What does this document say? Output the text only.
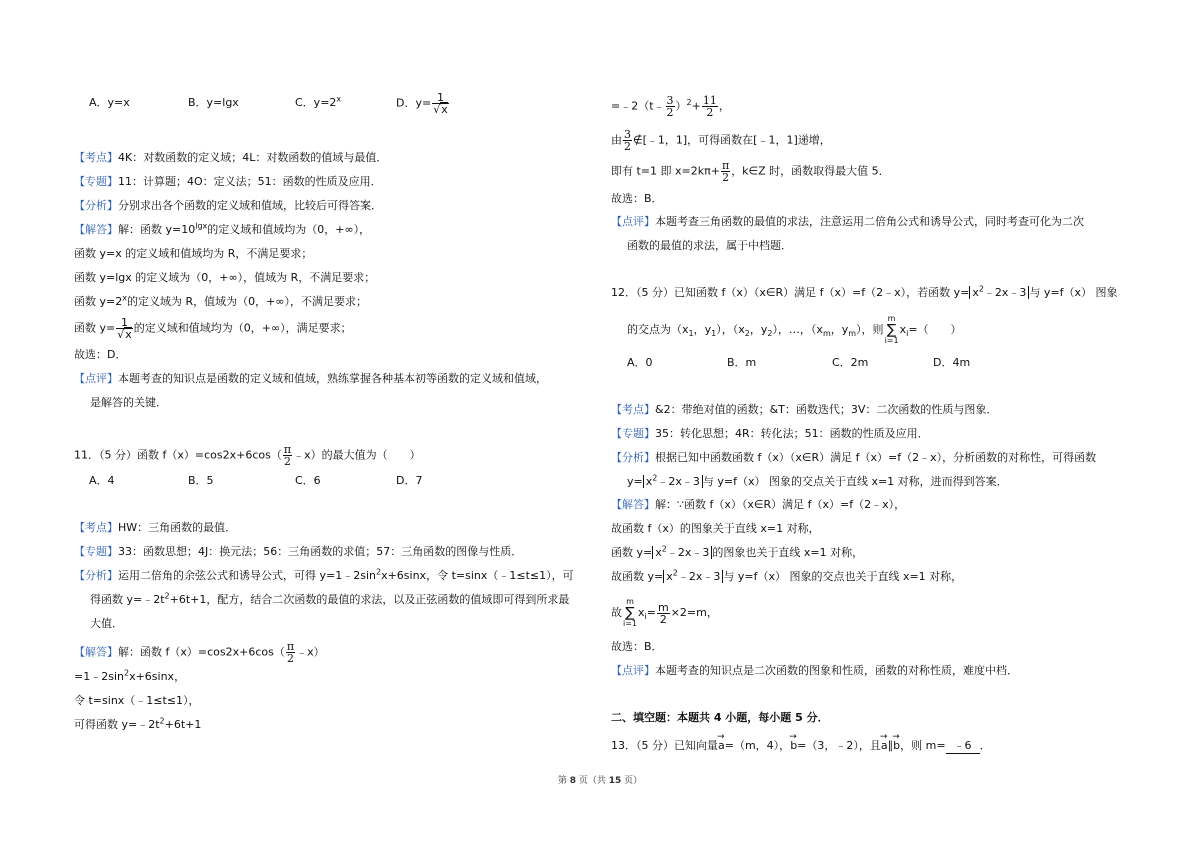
A．y=x	B．y=lgx	C．$y=2^x$	D．$y= \frac{1}{√x}$
【考点】4K：对数函数的定义域；4L：对数函数的值域与最值．
【专题】11：计算题；4O：定义法；51：函数的性质及应用．
【分析】分别求出各个函数的定义域和值域，比较后可得答案．
【解答】解：函数 $y=10^{lgx}$的定义域和值域均为（0，+∞），
函数 y=x 的定义域和值域均为 R，不满足要求；
函数 y=lgx 的定义域为（0，+∞），值域为 R，不满足要求；
函数 $y=2^x$的定义域为 R，值域为（0，+∞），不满足要求；
函数 $y= \frac{1}{√x}$ 的定义域和值域均为（0，+∞），满足要求；
故选：D．
【点评】本题考查的知识点是函数的定义域和值域，熟练掌握各种基本初等函数的定义域和值域，
是解答的关键．
11．（5 分）函数 $f(x)=\cos 2x+6\cos( \frac{\pi}{2}$ ﹣x）的最大值为（　　）
A．4	B．5	C．6	D．7
【考点】HW：三角函数的最值．
【专题】33：函数思想；4J：换元法；56：三角函数的求值；57：三角函数的图像与性质．
【分析】运用二倍角的余弦公式和诱导公式，可得 $y=1﹣2\sin^2x+6\sin x$，令 t=sinx（﹣1≤t≤1），可
得函数 $y=﹣2t^2+6t+1$，配方，结合二次函数的最值的求法，以及正弦函数的值域即可得到所求最
大值．
【解答】解：函数 $f(x)=\cos 2x+6\cos( \frac{\pi}{2}$ ﹣x）
$=1﹣2\sin^2x+6\sin x$，
令 t=sinx（﹣1≤t≤1），
可得函数 $y=﹣2t^2+6t+1$
=﹣2（t﹣ $\frac{3}{2} )^2+ \frac{11}{2}$ ，
由 $\frac{3}{2}$ ∉[﹣1，1]，可得函数在[﹣1，1]递增，
即有 t=1 即 $x=2k\pi+ \frac{\pi}{2}$ ，k∈Z 时，函数取得最大值 5．
故选：B．
【点评】本题考查三角函数的最值的求法，注意运用二倍角公式和诱导公式，同时考查可化为二次
函数的最值的求法，属于中档题．
12．（5 分）已知函数 f（x）（x∈R）满足 f（x）=f（2﹣x），若函数 $y= x^2﹣2x﹣3$ 与 y=f（x） 图象
的交点为（$x_1$，$y_1$），（$x_2$，$y_2$），…，（$x_m$，$y_m$），则m
∑
$i=1x_i=$（　　）
A．0	B．m	C．2m	D．4m
【考点】&2：带绝对值的函数；&T：函数迭代；3V：二次函数的性质与图象．
【专题】35：转化思想；4R：转化法；51：函数的性质及应用．
【分析】根据已知中函数函数 f（x）（x∈R）满足 f（x）=f（2﹣x），分析函数的对称性，可得函数
$y= x^2﹣2x﹣3$ 与 y=f（x） 图象的交点关于直线 x=1 对称，进而得到答案．
【解答】解：∵函数 f（x）（x∈R）满足 f（x）=f（2﹣x），
故函数 f（x）的图象关于直线 x=1 对称，
函数 $y= x^2﹣2x﹣3$ 的图象也关于直线 x=1 对称，
故函数 $y= x^2﹣2x﹣3$ 与 y=f（x） 图象的交点也关于直线 x=1 对称，
故m
∑
$i=1x_i= \frac{m}{2} \times 2=m$，
故选：B．
【点评】本题考查的知识点是二次函数的图象和性质，函数的对称性质，难度中档．
二、填空题：本题共 4 小题，每小题 5 分．
13．（5 分）已知向量→ a=（m，4），→ b=（3，﹣2），且→ a∥→ b，则 m= ﹣6 ．
第 8 页（共 15 页）
